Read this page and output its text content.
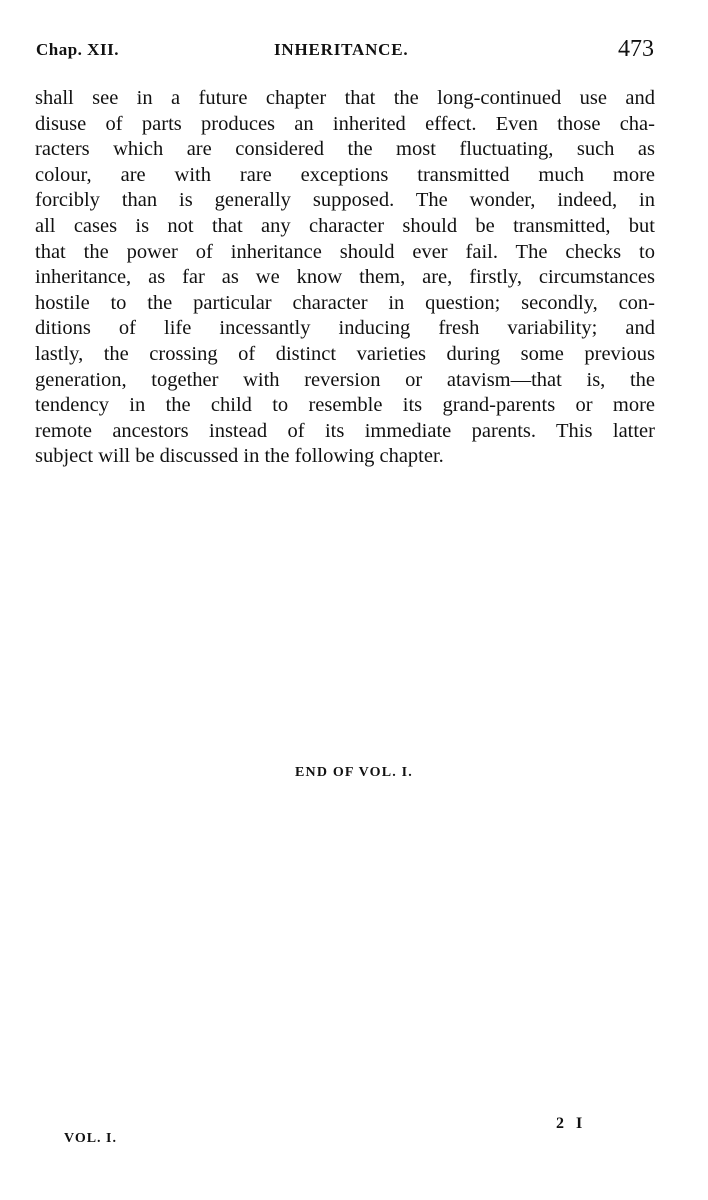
Chap. XII.	INHERITANCE.	473
shall see in a future chapter that the long-continued use and
disuse of parts produces an inherited effect. Even those cha-
racters which are considered the most fluctuating, such as
colour, are with rare exceptions transmitted much more
forcibly than is generally supposed. The wonder, indeed, in
all cases is not that any character should be transmitted, but
that the power of inheritance should ever fail. The checks to
inheritance, as far as we know them, are, firstly, circumstances
hostile to the particular character in question; secondly, con-
ditions of life incessantly inducing fresh variability; and
lastly, the crossing of distinct varieties during some previous
generation, together with reversion or atavism—that is, the
tendency in the child to resemble its grand-parents or more
remote ancestors instead of its immediate parents. This latter
subject will be discussed in the following chapter.
END OF VOL. I.
VOL. I.
2 I
